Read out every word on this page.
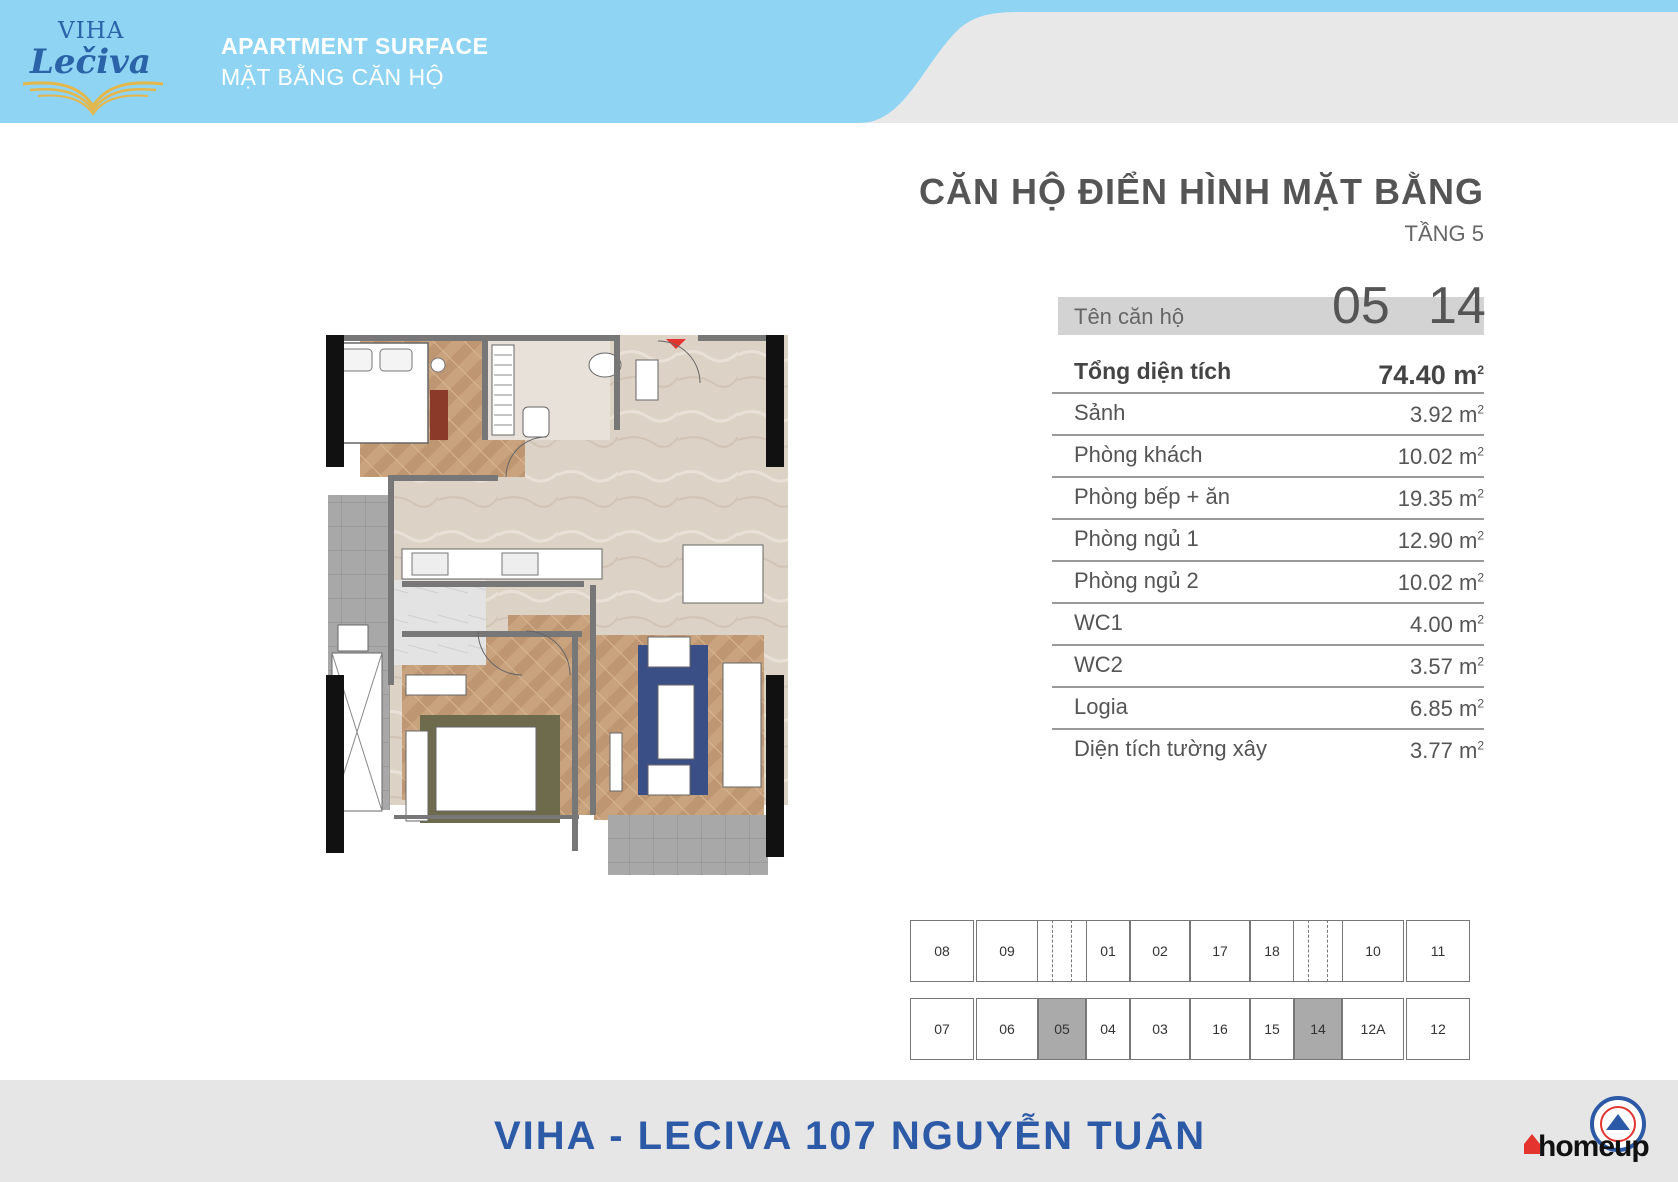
VIHA
Lečiva	APARTMENT SURFACE
MẶT BẰNG CĂN HỘ
CĂN HỘ ĐIỂN HÌNH MẶT BẰNG
TẦNG 5
Tên căn hộ	05 14
Tổng diện tích	74.40 $m^2$
Sảnh	3.92 $m^2$
Phòng khách	10.02 $m^2$
Phòng bếp + ăn	19.35 $m^2$
Phòng ngủ 1	12.90 $m^2$
Phòng ngủ 2	10.02 $m^2$
WC1	4.00 $m^2$
WC2	3.57 $m^2$
Logia	6.85 $m^2$
Diện tích tường xây	3.77 $m^2$
08	09	01	02	17	18	10	11
07	06	05	04	03	16	15	14	12A	12
VIHA - LECIVA 107 NGUYỄN TUÂN	homeup
